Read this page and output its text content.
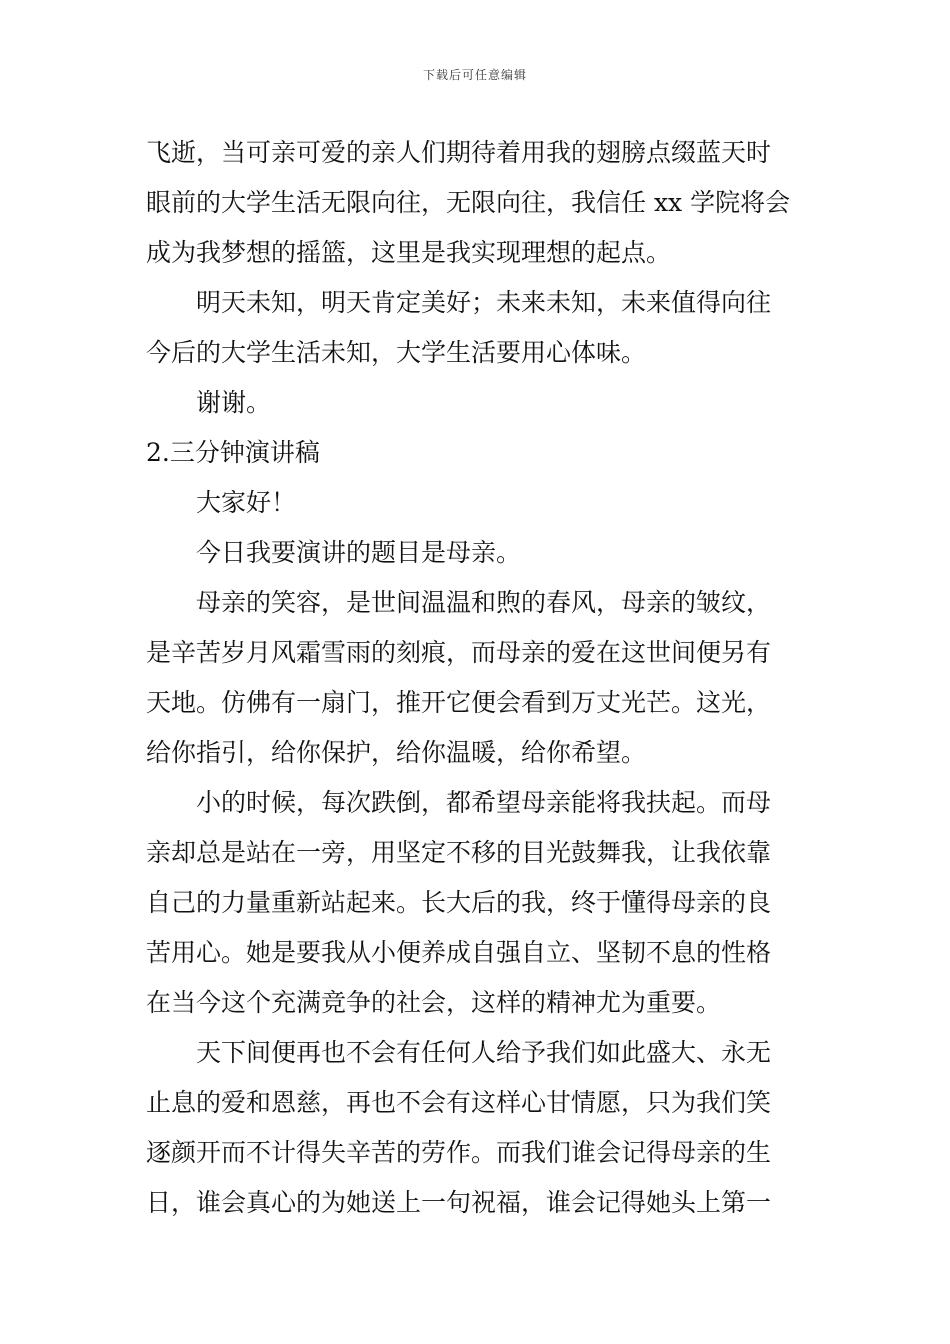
下载后可任意编辑
飞逝，当可亲可爱的亲人们期待着用我的翅膀点缀蓝天时
眼前的大学生活无限向往，无限向往，我信任 xx 学院将会
成为我梦想的摇篮，这里是我实现理想的起点。
明天未知，明天肯定美好；未来未知，未来值得向往
今后的大学生活未知，大学生活要用心体味。
谢谢。
2.三分钟演讲稿
大家好！
今日我要演讲的题目是母亲。
母亲的笑容，是世间温温和煦的春风，母亲的皱纹，
是辛苦岁月风霜雪雨的刻痕，而母亲的爱在这世间便另有
天地。仿佛有一扇门，推开它便会看到万丈光芒。这光，
给你指引，给你保护，给你温暖，给你希望。
小的时候，每次跌倒，都希望母亲能将我扶起。而母
亲却总是站在一旁，用坚定不移的目光鼓舞我，让我依靠
自己的力量重新站起来。长大后的我，终于懂得母亲的良
苦用心。她是要我从小便养成自强自立、坚韧不息的性格
在当今这个充满竞争的社会，这样的精神尤为重要。
天下间便再也不会有任何人给予我们如此盛大、永无
止息的爱和恩慈，再也不会有这样心甘情愿，只为我们笑
逐颜开而不计得失辛苦的劳作。而我们谁会记得母亲的生
日，谁会真心的为她送上一句祝福，谁会记得她头上第一
